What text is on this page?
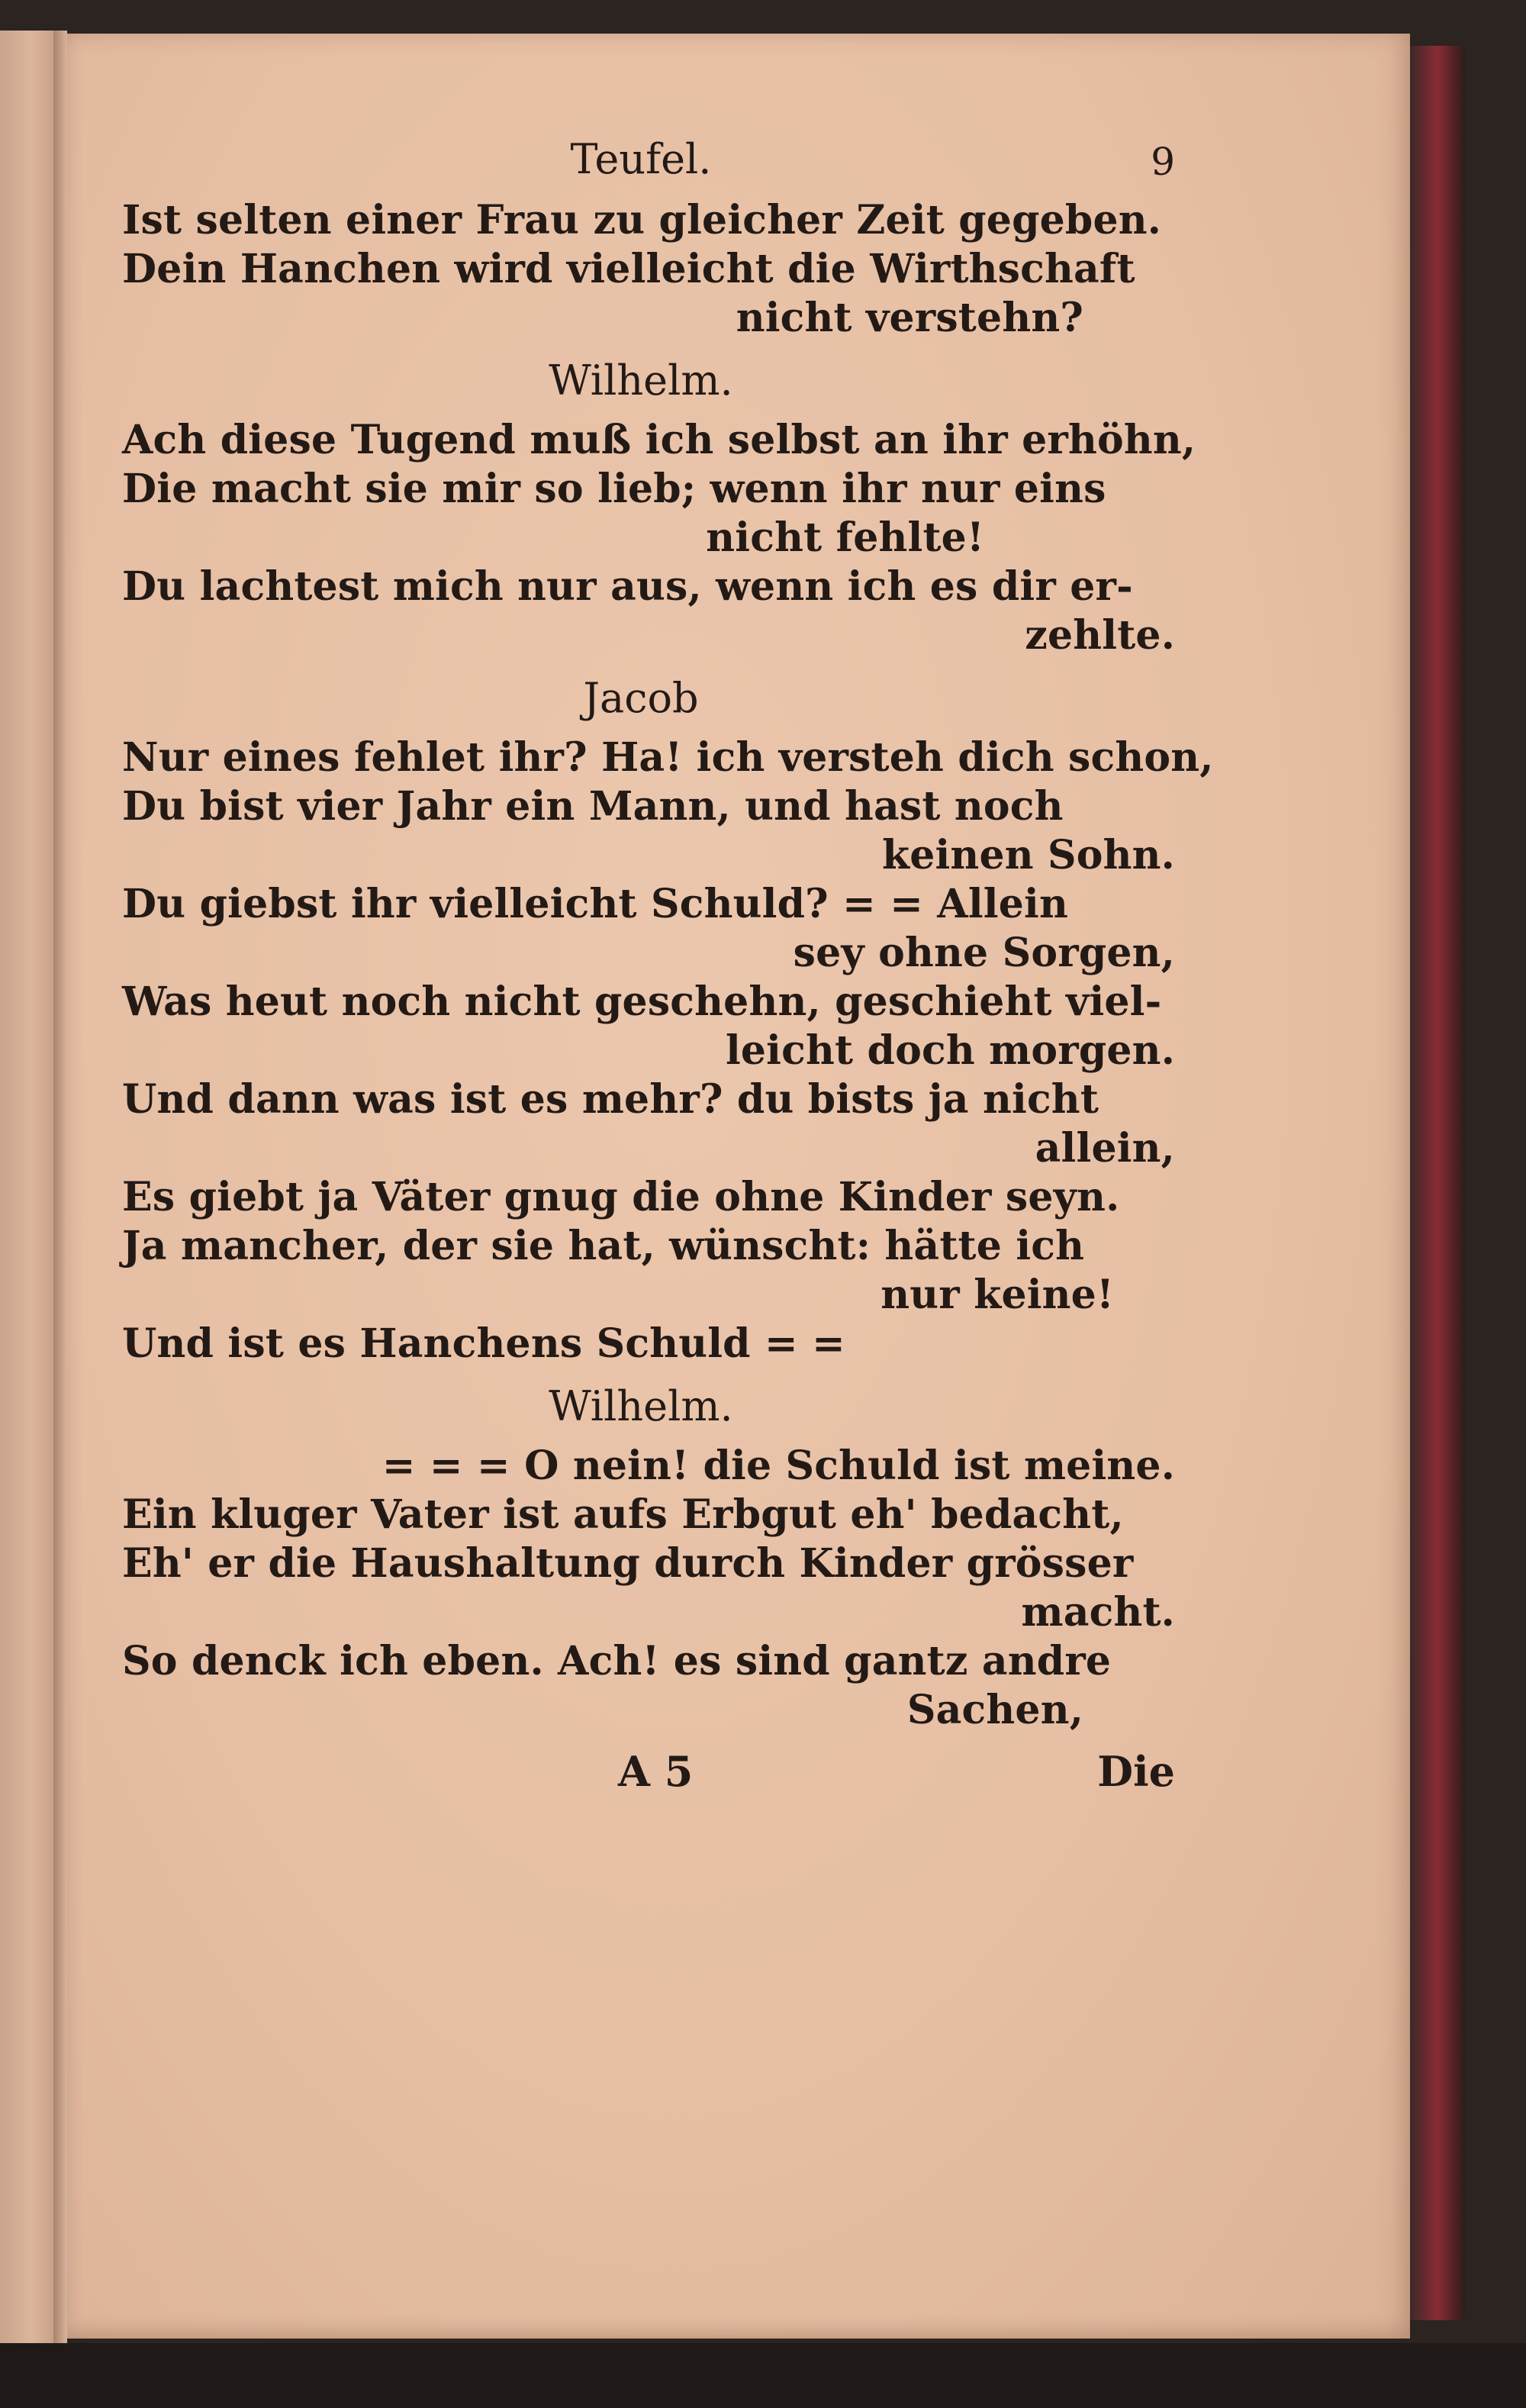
Teufel.	9
Ist selten einer Frau zu gleicher Zeit gegeben.
Dein Hanchen wird vielleicht die Wirthschaft
nicht verstehn?
Wilhelm.
Ach diese Tugend muß ich selbst an ihr erhöhn,
Die macht sie mir so lieb; wenn ihr nur eins
nicht fehlte!
Du lachtest mich nur aus, wenn ich es dir er-
zehlte.
Jacob
Nur eines fehlet ihr? Ha! ich versteh dich schon,
Du bist vier Jahr ein Mann, und hast noch
keinen Sohn.
Du giebst ihr vielleicht Schuld? = = Allein
sey ohne Sorgen,
Was heut noch nicht geschehn, geschieht viel-
leicht doch morgen.
Und dann was ist es mehr? du bists ja nicht
allein,
Es giebt ja Väter gnug die ohne Kinder seyn.
Ja mancher, der sie hat, wünscht: hätte ich
nur keine!
Und ist es Hanchens Schuld = =
Wilhelm.
= = = O nein! die Schuld ist meine.
Ein kluger Vater ist aufs Erbgut eh' bedacht,
Eh' er die Haushaltung durch Kinder grösser
macht.
So denck ich eben. Ach! es sind gantz andre
Sachen,
A 5	Die
